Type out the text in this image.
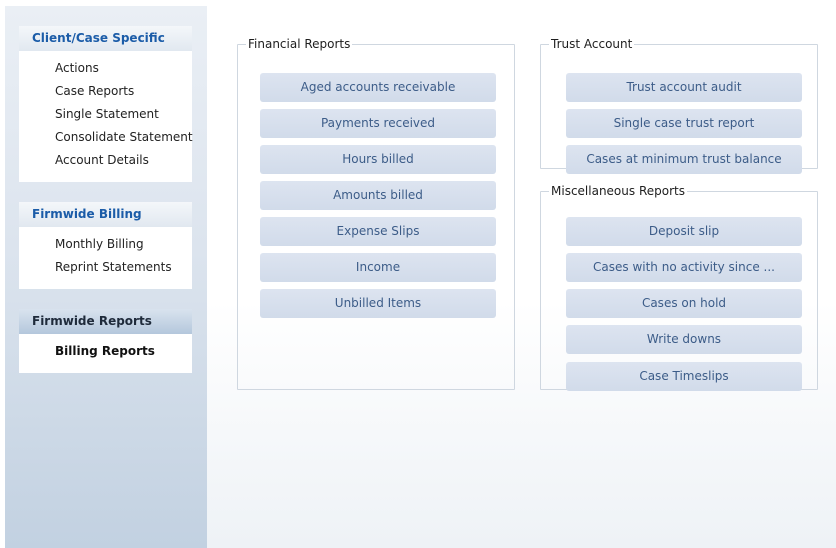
Client/Case Specific
Actions
Case Reports
Single Statement
Consolidate Statement
Account Details
Firmwide Billing
Monthly Billing
Reprint Statements
Firmwide Reports
Billing Reports
Financial Reports
Aged accounts receivable
Payments received
Hours billed
Amounts billed
Expense Slips
Income
Unbilled Items
Trust Account
Trust account audit
Single case trust report
Cases at minimum trust balance
Miscellaneous Reports
Deposit slip
Cases with no activity since ...
Cases on hold
Write downs
Case Timeslips
